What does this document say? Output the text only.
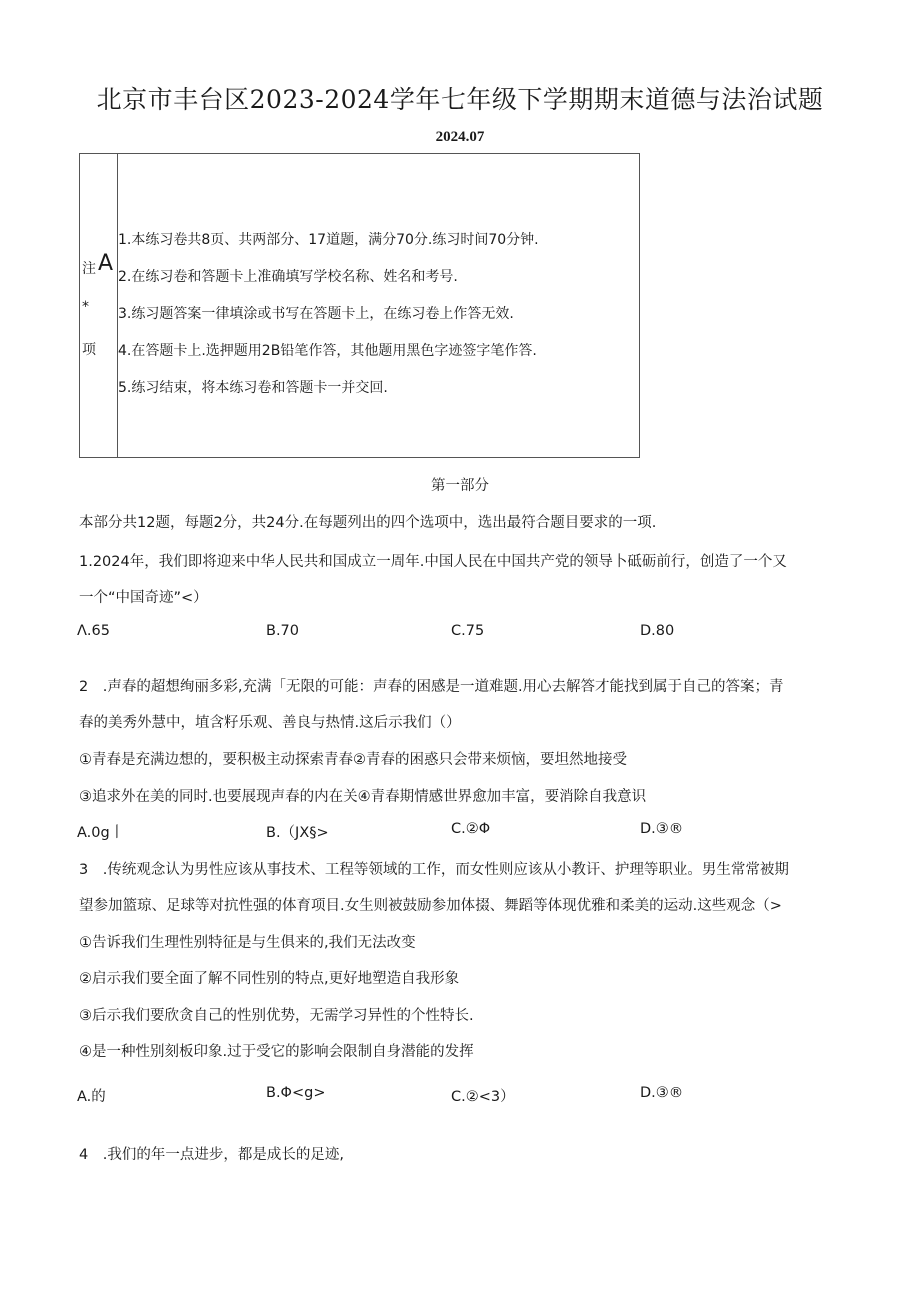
北京市丰台区2023-2024学年七年级下学期期末道德与法治试题
2024.07
注 A
*
项
1.本练习卷共8页、共两部分、17道题，满分70分.练习时间70分钟.
2.在练习卷和答题卡上准确填写学校名称、姓名和考号.
3.练习题答案一律填涂或书写在答题卡上，在练习卷上作答无效.
4.在答题卡上.选押题用2B铅笔作答，其他题用黑色字迹签字笔作答.
5.练习结束，将本练习卷和答题卡一并交回.
第一部分
本部分共12题，每题2分，共24分.在每题列出的四个选项中，选出最符合题目要求的一项.
1.2024年，我们即将迎来中华人民共和国成立一周年.中国人民在中国共产党的领导卜砥砺前行，创造了一个又
一个“中国奇迹”<）
Λ.65	B.70	C.75	D.80
2　.声春的超想绚丽多彩,充满「无限的可能：声春的困感是一道难题.用心去解答才能找到属于自己的答案；青
春的美秀外慧中，埴含籽乐观、善良与热情.这后示我们（）
①青春是充满边想的，要积极主动探索青春②青春的困惑只会带来烦恼，要坦然地接受
③追求外在美的同时.也要展现声春的内在关④青春期情感世界愈加丰富，要消除自我意识
A.0g丨	B.（JX§>	C.②Φ	D.③®
3　.传统观念认为男性应该从事技术、工程等领域的工作，而女性则应该从小教讦、护理等职业。男生常常被期
望参加篮琼、足球等对抗性强的体育项目.女生则被鼓励参加体掇、舞蹈等体现优雅和柔美的运动.这些观念（>
①告诉我们生理性别特征是与生俱来的,我们无法改变
②启示我们要全面了解不同性别的特点,更好地塑造自我形象
③后示我们要欣贪自己的性别优势，无需学习异性的个性特长.
④是一种性别刻板印象.过于受它的影响会限制自身潜能的发挥
A.的	B.Φ<g>	C.②<3）	D.③®
4　.我们的年一点进步，都是成长的足迹,
